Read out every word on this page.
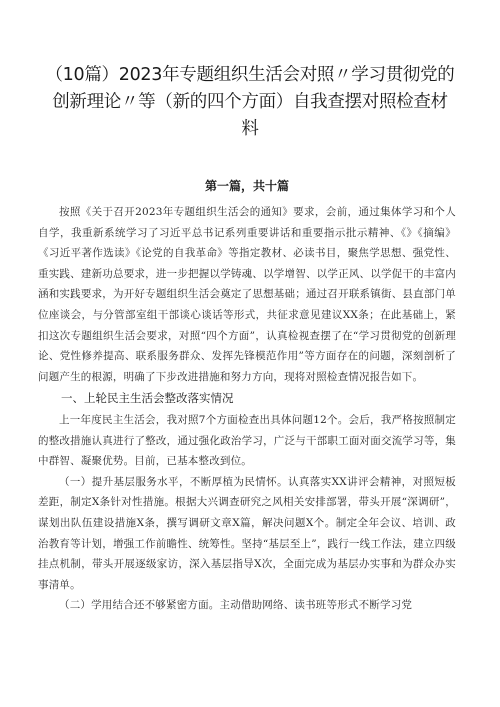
（10篇）2023年专题组织生活会对照〃学习贯彻党的
创新理论〃等（新的四个方面）自我查摆对照检查材料
第一篇，共十篇

按照《关于召开2023年专题组织生活会的通知》要求，会前，通过集体学习和个人自学，我重新系统学习了习近平总书记系列重要讲话和重要指示批示精神、《》《摘编》《习近平著作选读》《论党的自我革命》等指定教材、必读书目，聚焦学思想、强党性、重实践、建新功总要求，进一步把握以学铸魂、以学增智、以学正风、以学促干的丰富内涵和实践要求，为开好专题组织生活会奠定了思想基础；通过召开联系镇街、县直部门单位座谈会，与分管部室组干部谈心谈话等形式，共征求意见建议XX条；在此基础上，紧扣这次专题组织生活会要求，对照“四个方面”，认真检视查摆了在“学习贯彻党的创新理论、党性修养提高、联系服务群众、发挥先锋模范作用”等方面存在的问题，深刻剖析了问题产生的根源，明确了下步改进措施和努力方向，现将对照检查情况报告如下。

一、上轮民主生活会整改落实情况

上一年度民主生活会，我对照7个方面检查出具体问题12个。会后，我严格按照制定的整改措施认真进行了整改，通过强化政治学习，广泛与干部职工面对面交流学习等，集中群智、凝聚优势。目前，已基本整改到位。

（一）提升基层服务水平，不断厚植为民情怀。认真落实XX讲评会精神，对照短板差距，制定X条针对性措施。根据大兴调查研究之风相关安排部署，带头开展“深调研”，谋划出队伍建设措施X条，撰写调研文章X篇，解决问题X个。制定全年会议、培训、政治教育等计划，增强工作前瞻性、统筹性。坚持“基层至上”，践行一线工作法，建立四级挂点机制，带头开展逐级家访，深入基层指导X次，全面完成为基层办实事和为群众办实事清单。

（二）学用结合还不够紧密方面。主动借助网络、读书班等形式不断学习党
